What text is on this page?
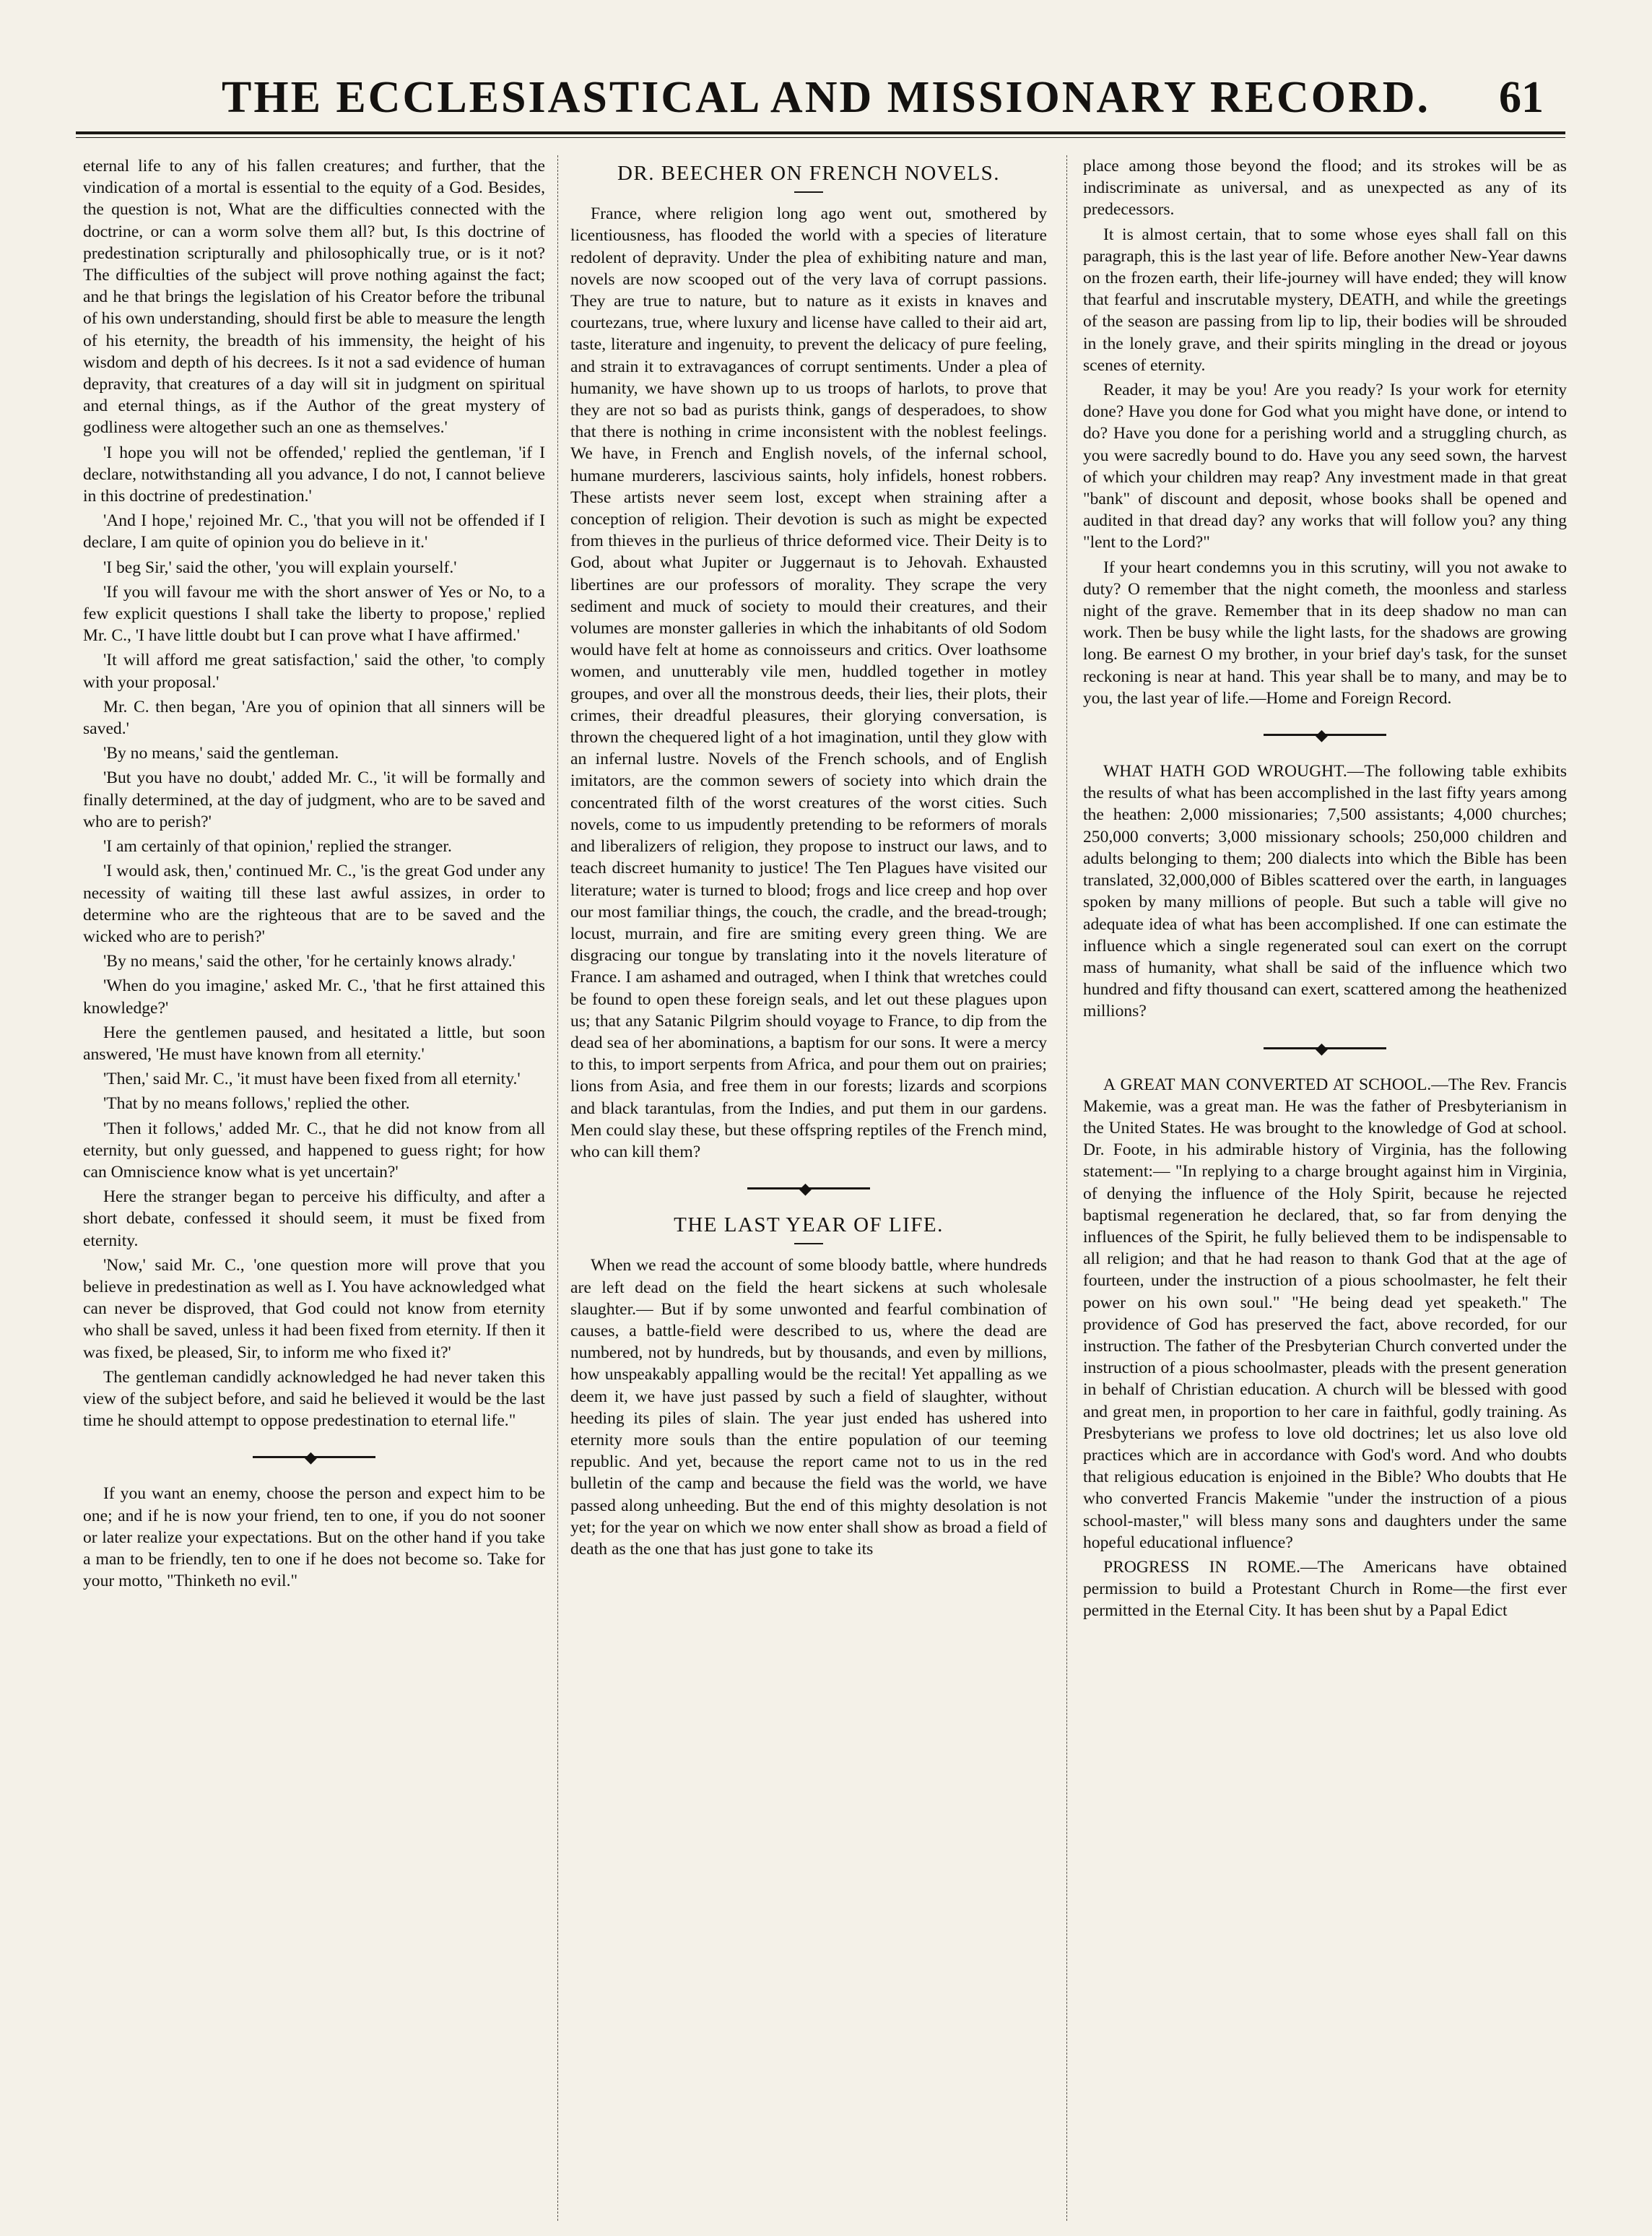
THE ECCLESIASTICAL AND MISSIONARY RECORD.	61

eternal life to any of his fallen creatures; and further, that the vindication of a mortal is essential to the equity of a God. Besides, the question is not, What are the difficulties connected with the doctrine, or can a worm solve them all? but, Is this doctrine of predestination scripturally and philosophically true, or is it not? The difficulties of the subject will prove nothing against the fact; and he that brings the legislation of his Creator before the tribunal of his own understanding, should first be able to measure the length of his eternity, the breadth of his immensity, the height of his wisdom and depth of his decrees. Is it not a sad evidence of human depravity, that creatures of a day will sit in judgment on spiritual and eternal things, as if the Author of the great mystery of godliness were altogether such an one as themselves.'

'I hope you will not be offended,' replied the gentleman, 'if I declare, notwithstanding all you advance, I do not, I cannot believe in this doctrine of predestination.'

'And I hope,' rejoined Mr. C., 'that you will not be offended if I declare, I am quite of opinion you do believe in it.'

'I beg Sir,' said the other, 'you will explain yourself.'

'If you will favour me with the short answer of Yes or No, to a few explicit questions I shall take the liberty to propose,' replied Mr. C., 'I have little doubt but I can prove what I have affirmed.'

'It will afford me great satisfaction,' said the other, 'to comply with your proposal.'

Mr. C. then began, 'Are you of opinion that all sinners will be saved.'

'By no means,' said the gentleman.

'But you have no doubt,' added Mr. C., 'it will be formally and finally determined, at the day of judgment, who are to be saved and who are to perish?'

'I am certainly of that opinion,' replied the stranger.

'I would ask, then,' continued Mr. C., 'is the great God under any necessity of waiting till these last awful assizes, in order to determine who are the righteous that are to be saved and the wicked who are to perish?'

'By no means,' said the other, 'for he certainly knows alrady.'

'When do you imagine,' asked Mr. C., 'that he first attained this knowledge?'

Here the gentlemen paused, and hesitated a little, but soon answered, 'He must have known from all eternity.'

'Then,' said Mr. C., 'it must have been fixed from all eternity.'

'That by no means follows,' replied the other.

'Then it follows,' added Mr. C., that he did not know from all eternity, but only guessed, and happened to guess right; for how can Omniscience know what is yet uncertain?'

Here the stranger began to perceive his difficulty, and after a short debate, confessed it should seem, it must be fixed from eternity.

'Now,' said Mr. C., 'one question more will prove that you believe in predestination as well as I. You have acknowledged what can never be disproved, that God could not know from eternity who shall be saved, unless it had been fixed from eternity. If then it was fixed, be pleased, Sir, to inform me who fixed it?'

The gentleman candidly acknowledged he had never taken this view of the subject before, and said he believed it would be the last time he should attempt to oppose predestination to eternal life."

◆

If you want an enemy, choose the person and expect him to be one; and if he is now your friend, ten to one, if you do not sooner or later realize your expectations. But on the other hand if you take a man to be friendly, ten to one if he does not become so. Take for your motto, "Thinketh no evil."

DR. BEECHER ON FRENCH NOVELS.

France, where religion long ago went out, smothered by licentiousness, has flooded the world with a species of literature redolent of depravity. Under the plea of exhibiting nature and man, novels are now scooped out of the very lava of corrupt passions. They are true to nature, but to nature as it exists in knaves and courtezans, true, where luxury and license have called to their aid art, taste, literature and ingenuity, to prevent the delicacy of pure feeling, and strain it to extravagances of corrupt sentiments. Under a plea of humanity, we have shown up to us troops of harlots, to prove that they are not so bad as purists think, gangs of desperadoes, to show that there is nothing in crime inconsistent with the noblest feelings. We have, in French and English novels, of the infernal school, humane murderers, lascivious saints, holy infidels, honest robbers. These artists never seem lost, except when straining after a conception of religion. Their devotion is such as might be expected from thieves in the purlieus of thrice deformed vice. Their Deity is to God, about what Jupiter or Juggernaut is to Jehovah. Exhausted libertines are our professors of morality. They scrape the very sediment and muck of society to mould their creatures, and their volumes are monster galleries in which the inhabitants of old Sodom would have felt at home as connoisseurs and critics. Over loathsome women, and unutterably vile men, huddled together in motley groupes, and over all the monstrous deeds, their lies, their plots, their crimes, their dreadful pleasures, their glorying conversation, is thrown the chequered light of a hot imagination, until they glow with an infernal lustre. Novels of the French schools, and of English imitators, are the common sewers of society into which drain the concentrated filth of the worst creatures of the worst cities. Such novels, come to us impudently pretending to be reformers of morals and liberalizers of religion, they propose to instruct our laws, and to teach discreet humanity to justice! The Ten Plagues have visited our literature; water is turned to blood; frogs and lice creep and hop over our most familiar things, the couch, the cradle, and the bread-trough; locust, murrain, and fire are smiting every green thing. We are disgracing our tongue by translating into it the novels literature of France. I am ashamed and outraged, when I think that wretches could be found to open these foreign seals, and let out these plagues upon us; that any Satanic Pilgrim should voyage to France, to dip from the dead sea of her abominations, a baptism for our sons. It were a mercy to this, to import serpents from Africa, and pour them out on prairies; lions from Asia, and free them in our forests; lizards and scorpions and black tarantulas, from the Indies, and put them in our gardens. Men could slay these, but these offspring reptiles of the French mind, who can kill them?

◆
THE LAST YEAR OF LIFE.

When we read the account of some bloody battle, where hundreds are left dead on the field the heart sickens at such wholesale slaughter.— But if by some unwonted and fearful combination of causes, a battle-field were described to us, where the dead are numbered, not by hundreds, but by thousands, and even by millions, how unspeakably appalling would be the recital! Yet appalling as we deem it, we have just passed by such a field of slaughter, without heeding its piles of slain. The year just ended has ushered into eternity more souls than the entire population of our teeming republic. And yet, because the report came not to us in the red bulletin of the camp and because the field was the world, we have passed along unheeding. But the end of this mighty desolation is not yet; for the year on which we now enter shall show as broad a field of death as the one that has just gone to take its

place among those beyond the flood; and its strokes will be as indiscriminate as universal, and as unexpected as any of its predecessors.

It is almost certain, that to some whose eyes shall fall on this paragraph, this is the last year of life. Before another New-Year dawns on the frozen earth, their life-journey will have ended; they will know that fearful and inscrutable mystery, DEATH, and while the greetings of the season are passing from lip to lip, their bodies will be shrouded in the lonely grave, and their spirits mingling in the dread or joyous scenes of eternity.

Reader, it may be you! Are you ready? Is your work for eternity done? Have you done for God what you might have done, or intend to do? Have you done for a perishing world and a struggling church, as you were sacredly bound to do. Have you any seed sown, the harvest of which your children may reap? Any investment made in that great "bank" of discount and deposit, whose books shall be opened and audited in that dread day? any works that will follow you? any thing "lent to the Lord?"

If your heart condemns you in this scrutiny, will you not awake to duty? O remember that the night cometh, the moonless and starless night of the grave. Remember that in its deep shadow no man can work. Then be busy while the light lasts, for the shadows are growing long. Be earnest O my brother, in your brief day's task, for the sunset reckoning is near at hand. This year shall be to many, and may be to you, the last year of life.—Home and Foreign Record.

◆

WHAT HATH GOD WROUGHT.—The following table exhibits the results of what has been accomplished in the last fifty years among the heathen: 2,000 missionaries; 7,500 assistants; 4,000 churches; 250,000 converts; 3,000 missionary schools; 250,000 children and adults belonging to them; 200 dialects into which the Bible has been translated, 32,000,000 of Bibles scattered over the earth, in languages spoken by many millions of people. But such a table will give no adequate idea of what has been accomplished. If one can estimate the influence which a single regenerated soul can exert on the corrupt mass of humanity, what shall be said of the influence which two hundred and fifty thousand can exert, scattered among the heathenized millions?

◆

A GREAT MAN CONVERTED AT SCHOOL.—The Rev. Francis Makemie, was a great man. He was the father of Presbyterianism in the United States. He was brought to the knowledge of God at school. Dr. Foote, in his admirable history of Virginia, has the following statement:— "In replying to a charge brought against him in Virginia, of denying the influence of the Holy Spirit, because he rejected baptismal regeneration he declared, that, so far from denying the influences of the Spirit, he fully believed them to be indispensable to all religion; and that he had reason to thank God that at the age of fourteen, under the instruction of a pious schoolmaster, he felt their power on his own soul." "He being dead yet speaketh." The providence of God has preserved the fact, above recorded, for our instruction. The father of the Presbyterian Church converted under the instruction of a pious schoolmaster, pleads with the present generation in behalf of Christian education. A church will be blessed with good and great men, in proportion to her care in faithful, godly training. As Presbyterians we profess to love old doctrines; let us also love old practices which are in accordance with God's word. And who doubts that religious education is enjoined in the Bible? Who doubts that He who converted Francis Makemie "under the instruction of a pious school-master," will bless many sons and daughters under the same hopeful educational influence?

PROGRESS IN ROME.—The Americans have obtained permission to build a Protestant Church in Rome—the first ever permitted in the Eternal City. It has been shut by a Papal Edict
